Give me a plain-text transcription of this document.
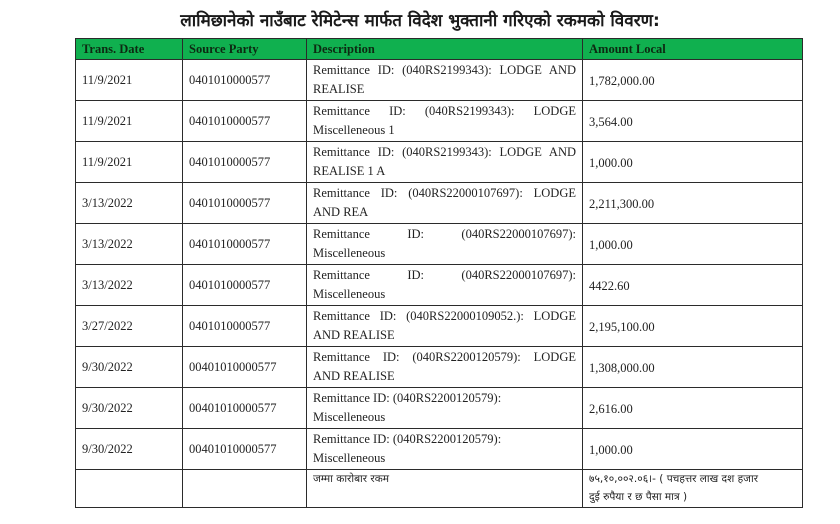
लामिछानेको नाउँबाट रेमिटेन्स मार्फत विदेश भुक्तानी गरिएको रकमको विवरण:
Trans. Date	Source Party	Description	Amount Local
11/9/2021	0401010000577	Remittance ID: (040RS2199343): LODGE AND
REALISE	1,782,000.00
11/9/2021	0401010000577	Remittance ID: (040RS2199343): LODGE
Miscelleneous 1	3,564.00
11/9/2021	0401010000577	Remittance ID: (040RS2199343): LODGE AND
REALISE 1 A	1,000.00
3/13/2022	0401010000577	Remittance ID: (040RS22000107697): LODGE
AND REA	2,211,300.00
3/13/2022	0401010000577	Remittance ID: (040RS22000107697):
Miscelleneous	1,000.00
3/13/2022	0401010000577	Remittance ID: (040RS22000107697):
Miscelleneous	4422.60
3/27/2022	0401010000577	Remittance ID: (040RS22000109052.): LODGE
AND REALISE	2,195,100.00
9/30/2022	00401010000577	Remittance ID: (040RS2200120579): LODGE
AND REALISE	1,308,000.00
9/30/2022	00401010000577	Remittance ID: (040RS2200120579):
Miscelleneous	2,616.00
9/30/2022	00401010000577	Remittance ID: (040RS2200120579):
Miscelleneous	1,000.00
		जम्मा कारोबार रकम	७५,१०,००२.०६।- ( पचहत्तर लाख दश हजार
दुई रुपैया र छ पैसा मात्र )
